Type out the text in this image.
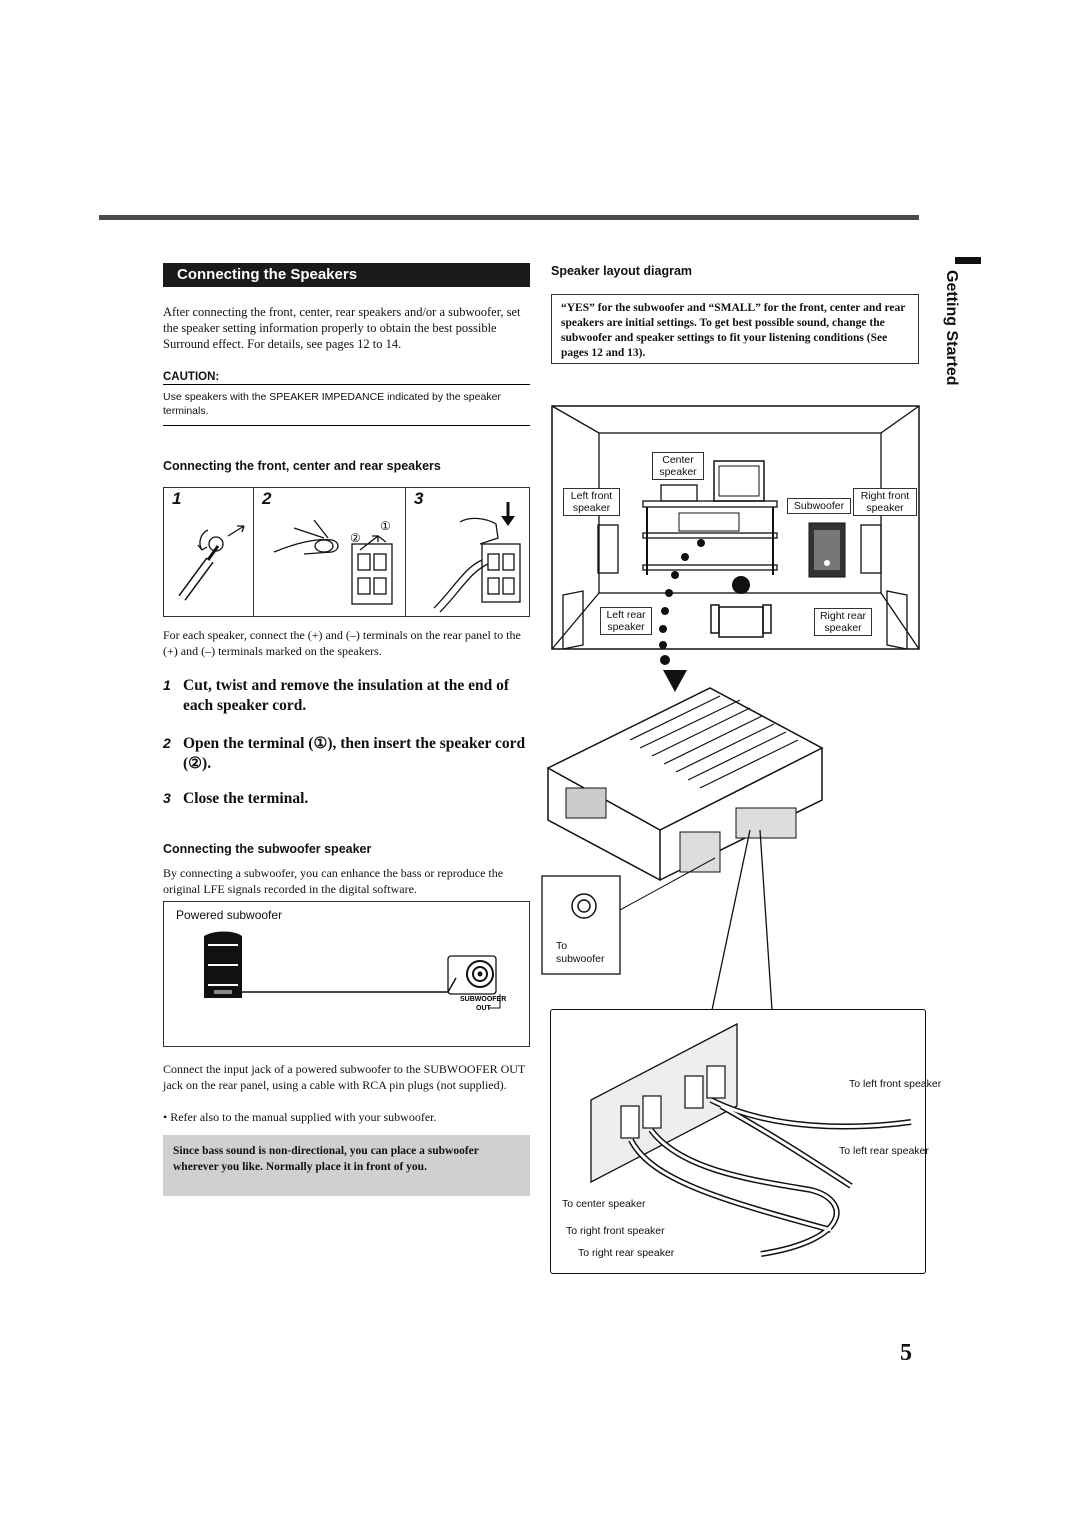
Connecting the Speakers
After connecting the front, center, rear speakers and/or a subwoofer, set the speaker setting information properly to obtain the best possible Surround effect. For details, see pages 12 to 14.
CAUTION:
Use speakers with the SPEAKER IMPEDANCE indicated by the speaker terminals.
Connecting the front, center and rear speakers
1	2	3
②
①
For each speaker, connect the (+) and (–) terminals on the rear panel to the (+) and (–) terminals marked on the speakers.
1 Cut, twist and remove the insulation at the end of each speaker cord.
2 Open the terminal (①), then insert the speaker cord (②).
3 Close the terminal.
Connecting the subwoofer speaker
By connecting a subwoofer, you can enhance the bass or reproduce the original LFE signals recorded in the digital software.
Powered subwoofer
SUBWOOFER
OUT
Connect the input jack of a powered subwoofer to the SUBWOOFER OUT jack on the rear panel, using a cable with RCA pin plugs (not supplied).
• Refer also to the manual supplied with your subwoofer.
Since bass sound is non-directional, you can place a subwoofer wherever you like. Normally place it in front of you.
Speaker layout diagram
“YES” for the subwoofer and “SMALL” for the front, center and rear speakers are initial settings. To get best possible sound, change the subwoofer and speaker settings to fit your listening conditions (See pages 12 and 13).	Getting Started
Center speaker
Left front speaker	Subwoofer
Right front speaker
Left rear speaker
Right rear speaker
To subwoofer
To left front speaker
To left rear speaker
To center speaker
To right front speaker
To right rear speaker
5
